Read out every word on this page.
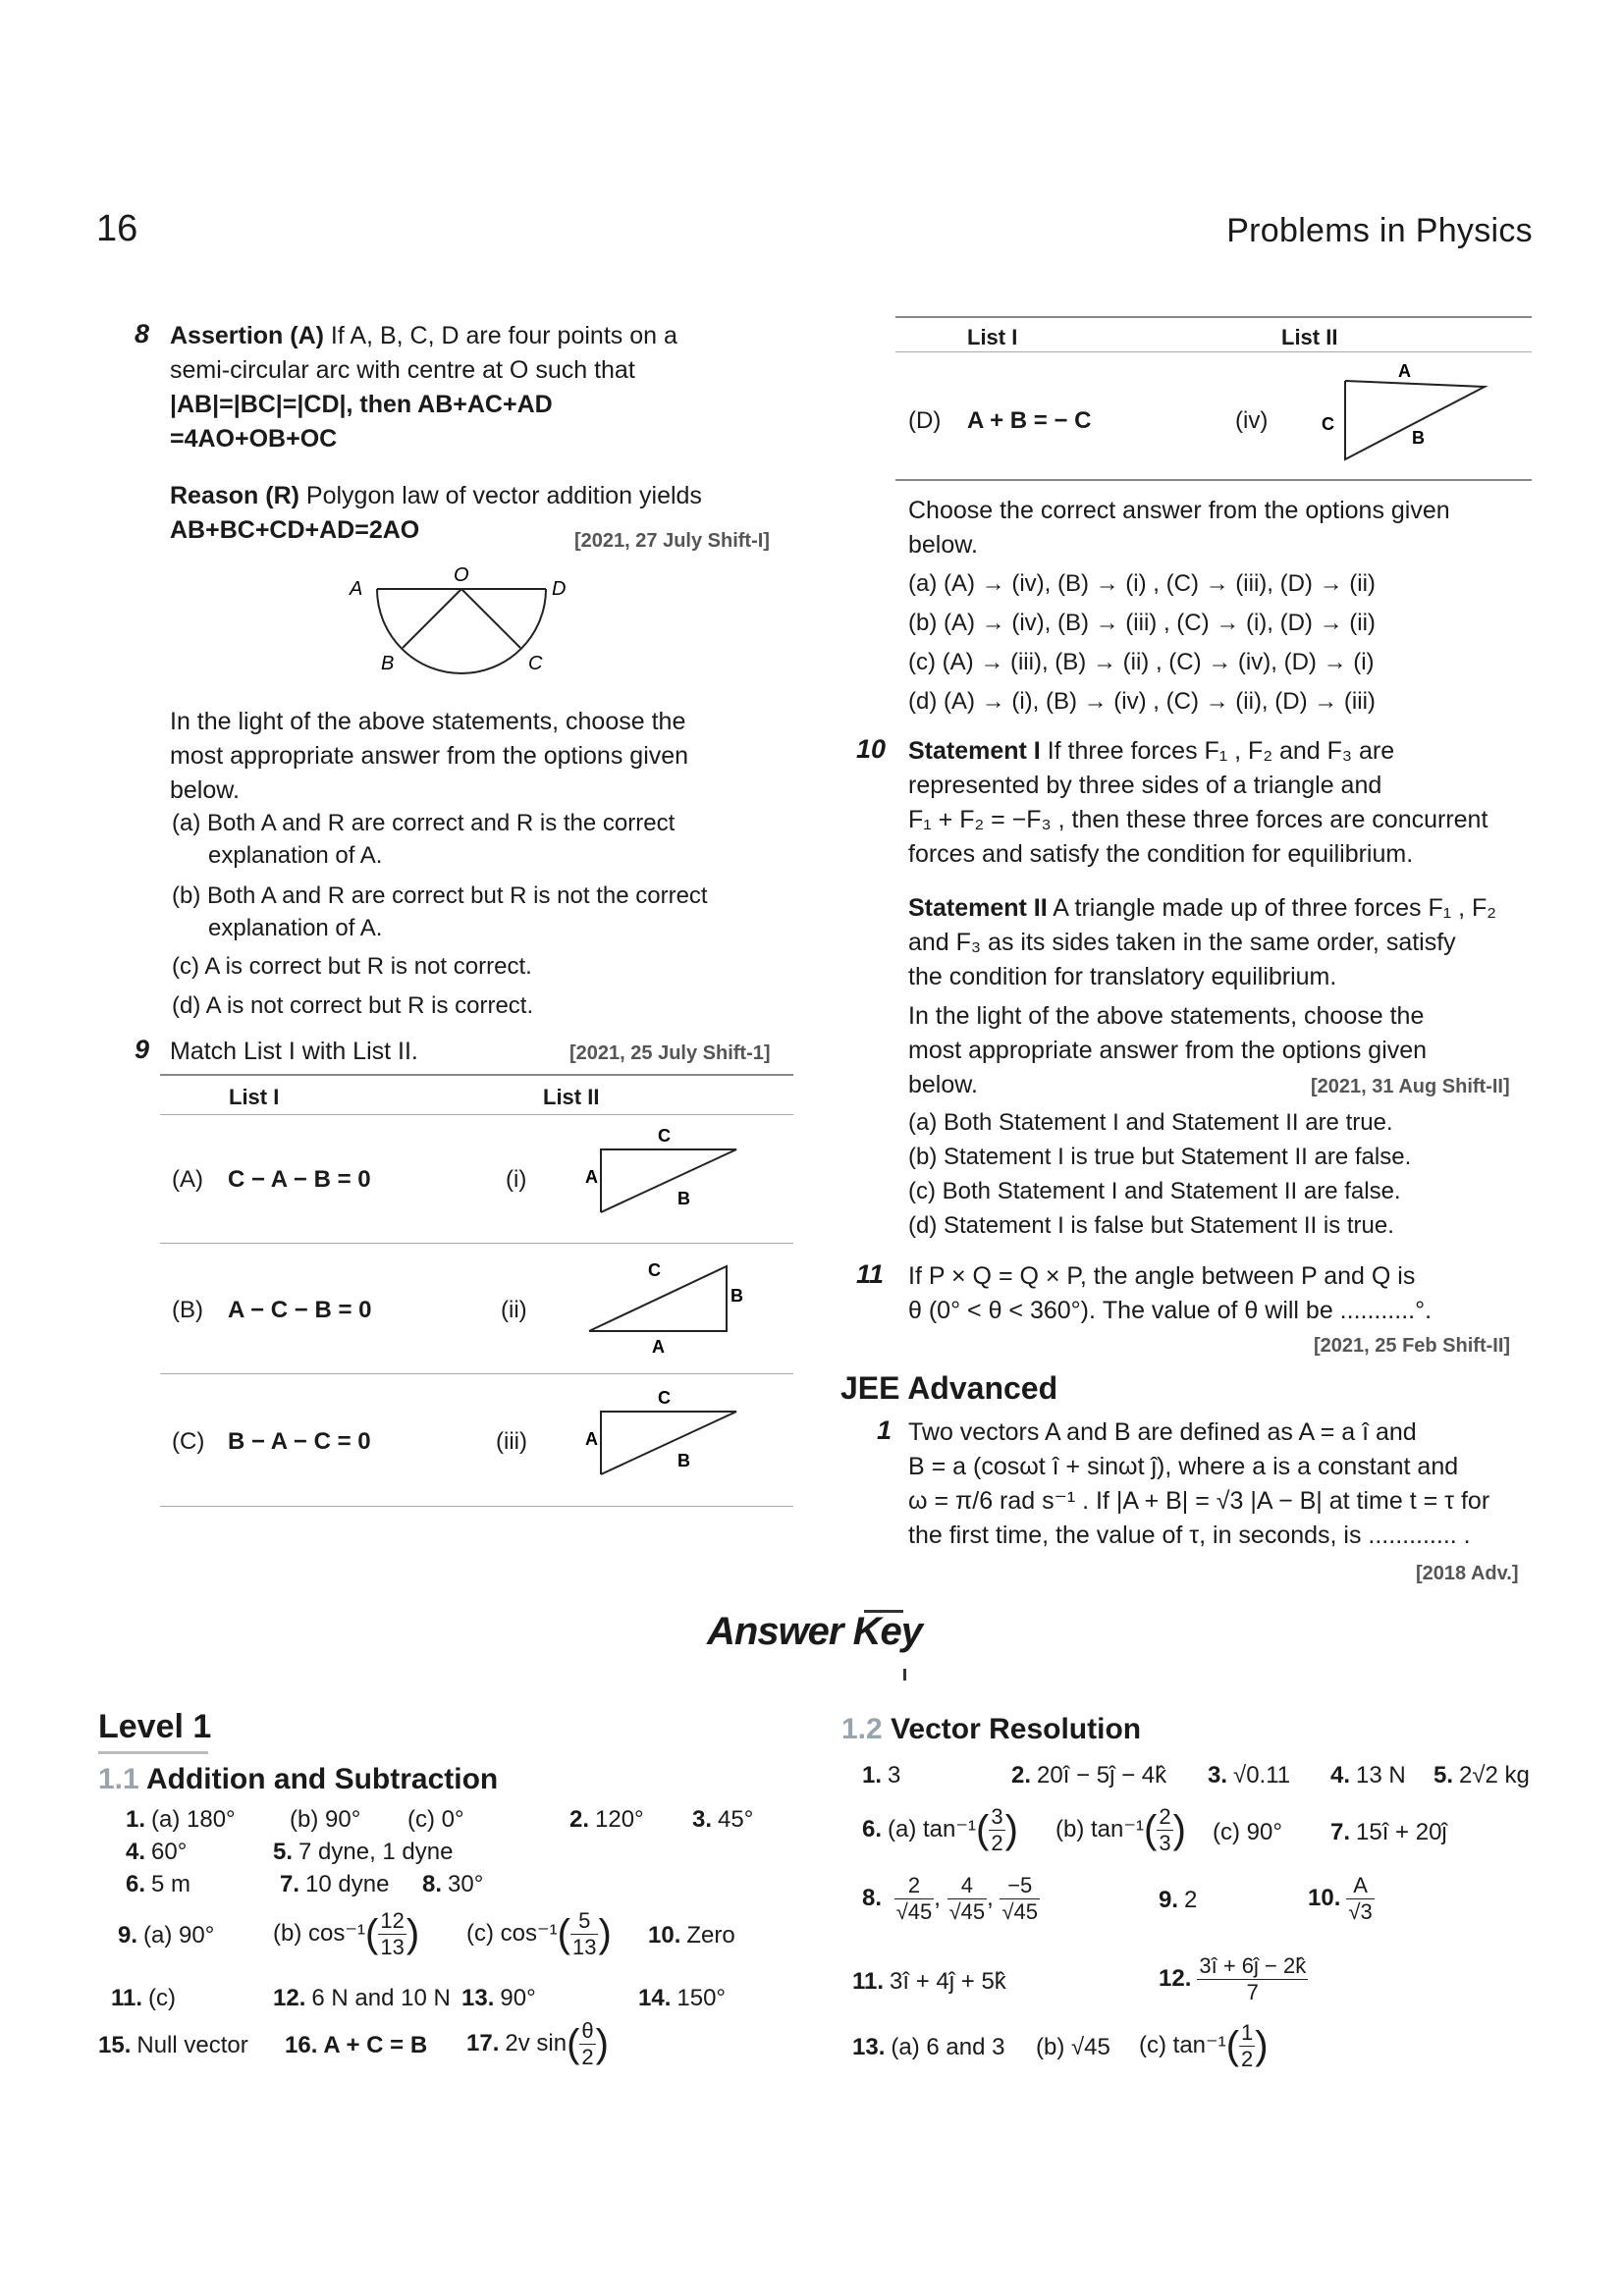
16	Problems in Physics
8 Assertion (A) If A, B, C, D are four points on a
semi-circular arc with centre at O such that
|AB|=|BC|=|CD|, then AB+AC+AD
=4AO+OB+OC
Reason (R) Polygon law of vector addition yields
AB+BC+CD+AD=2AO	[2021, 27 July Shift-I]
A
O
D
B	C
In the light of the above statements, choose the
most appropriate answer from the options given
below.
(a) Both A and R are correct and R is the correct
explanation of A.
(b) Both A and R are correct but R is not the correct
explanation of A.
(c) A is correct but R is not correct.
(d) A is not correct but R is correct.
9 Match List I with List II.	[2021, 25 July Shift-1]
List I	List II
(A) C − A − B = 0	(i)
C
A
B
(B) A − C − B = 0	(ii)
C
B
A
(C) B − A − C = 0	(iii)
C
A
B
List I	List II
(D) A + B = − C	(iv)
A
C
B
Choose the correct answer from the options given
below.
(a) (A) → (iv), (B) → (i) , (C) → (iii), (D) → (ii)
(b) (A) → (iv), (B) → (iii) , (C) → (i), (D) → (ii)
(c) (A) → (iii), (B) → (ii) , (C) → (iv), (D) → (i)
(d) (A) → (i), (B) → (iv) , (C) → (ii), (D) → (iii)
10 Statement I If three forces F₁ , F₂ and F₃ are
represented by three sides of a triangle and
F₁ + F₂ = −F₃ , then these three forces are concurrent
forces and satisfy the condition for equilibrium.
Statement II A triangle made up of three forces F₁ , F₂
and F₃ as its sides taken in the same order, satisfy
the condition for translatory equilibrium.
In the light of the above statements, choose the
most appropriate answer from the options given
below.	[2021, 31 Aug Shift-II]
(a) Both Statement I and Statement II are true.
(b) Statement I is true but Statement II are false.
(c) Both Statement I and Statement II are false.
(d) Statement I is false but Statement II is true.
11 If P × Q = Q × P, the angle between P and Q is
θ (0° < θ < 360°). The value of θ will be ...........°.
[2021, 25 Feb Shift-II]
JEE Advanced
1 Two vectors A and B are defined as A = a î and
B = a (cosωt î + sinωt ĵ), where a is a constant and
ω = π/6 rad s⁻¹ . If |A + B| = √3 |A − B| at time t = τ for
the first time, the value of τ, in seconds, is ............. .
[2018 Adv.]
Answer Key
Level 1
1.1 Addition and Subtraction
1.2 Vector Resolution
1. (a) 180° (b) 90° (c) 0°	2. 120° 3. 45°
4. 60°	5. 7 dyne, 1 dyne
6. 5 m	7. 10 dyne 8. 30°
9. (a) 90° (b) $\cos^{-1}( \frac{12}{13}$ ) (c) $\cos^{-1}( \frac{5}{13}$ ) 10. Zero
11. (c)	12. 6 N and 10 N 13. 90°	14. 150°
15. Null vector 16. A + C = B 17. 2v $\sin( \frac{\theta}{2}$ )
1. 3	2. 20î − 5ĵ − 4k̂ 3. √0.11 4. 13 N 5. 2√2 kg
6. (a) $\tan^{-1}( \frac{3}{2}$ ) (b) $\tan^{-1}( \frac{2}{3}$ ) (c) 90° 7. 15î + 20ĵ
8. $\frac{2}{√45}$ , $\frac{4}{√45}$ , $\frac{-5}{√45}$	9. 2	10. $\frac{A}{√3}$
11. 3î + 4ĵ + 5k̂	12. $\frac{3î + 6ĵ - 2k̂}{7}$
13. (a) 6 and 3 (b) √45 (c) $\tan^{-1}( \frac{1}{2}$ )
